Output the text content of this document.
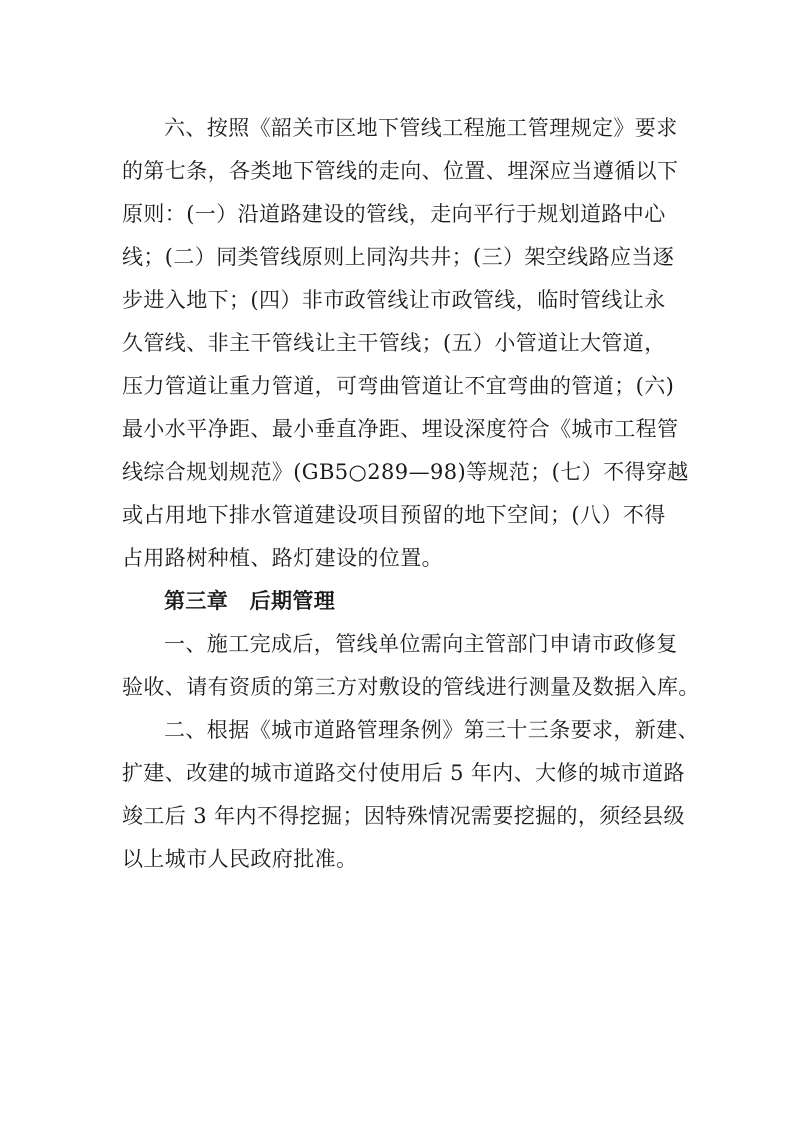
六、按照《韶关市区地下管线工程施工管理规定》要求
的第七条，各类地下管线的走向、位置、埋深应当遵循以下
原则：(一）沿道路建设的管线，走向平行于规划道路中心
线；(二）同类管线原则上同沟共井；(三）架空线路应当逐
步进入地下；(四）非市政管线让市政管线，临时管线让永
久管线、非主干管线让主干管线；(五）小管道让大管道，
压力管道让重力管道，可弯曲管道让不宜弯曲的管道；(六)
最小水平净距、最小垂直净距、埋设深度符合《城市工程管
线综合规划规范》(GB5○289—98)等规范；(七）不得穿越
或占用地下排水管道建设项目预留的地下空间；(八）不得
占用路树种植、路灯建设的位置。
第三章　后期管理
一、施工完成后，管线单位需向主管部门申请市政修复
验收、请有资质的第三方对敷设的管线进行测量及数据入库。
二、根据《城市道路管理条例》第三十三条要求，新建、
扩建、改建的城市道路交付使用后 5 年内、大修的城市道路
竣工后 3 年内不得挖掘；因特殊情况需要挖掘的，须经县级
以上城市人民政府批准。
